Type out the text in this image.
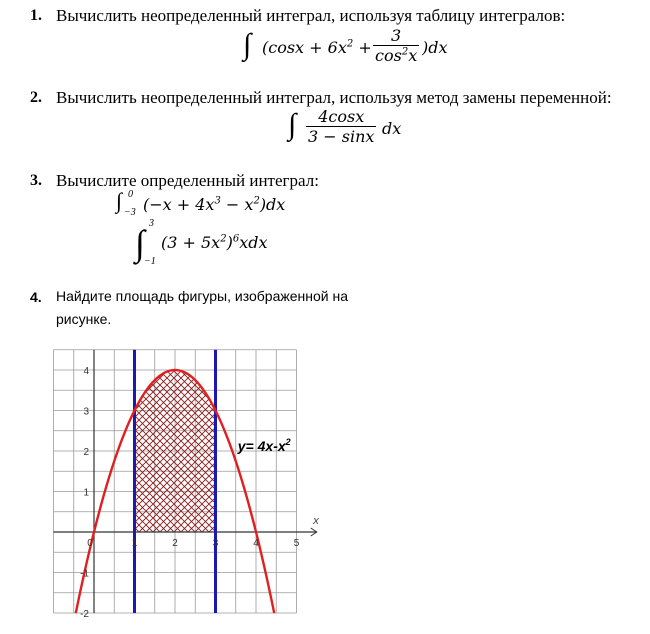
1. Вычислить неопределенный интеграл, используя таблицу интегралов:
∫ $(\cos x + 6x^2 + \frac{3}{\cos^2x} )dx$
2. Вычислить неопределенный интеграл, используя метод замены переменной:
∫ $\frac{4\cos x}{3 - \sin x}$ dx
3. Вычислите определенный интеграл:
∫ 0
−3 $(-x + 4x^3 - x^2)dx$
∫ 3
−1
$(3 + 5x^2)^6xdx$
4. Найдите площадь фигуры, изображенной на
рисунке.
0	1	2	3	4	5
4
3
2
1
-1
-2
x
$y= 4x-x^2$
